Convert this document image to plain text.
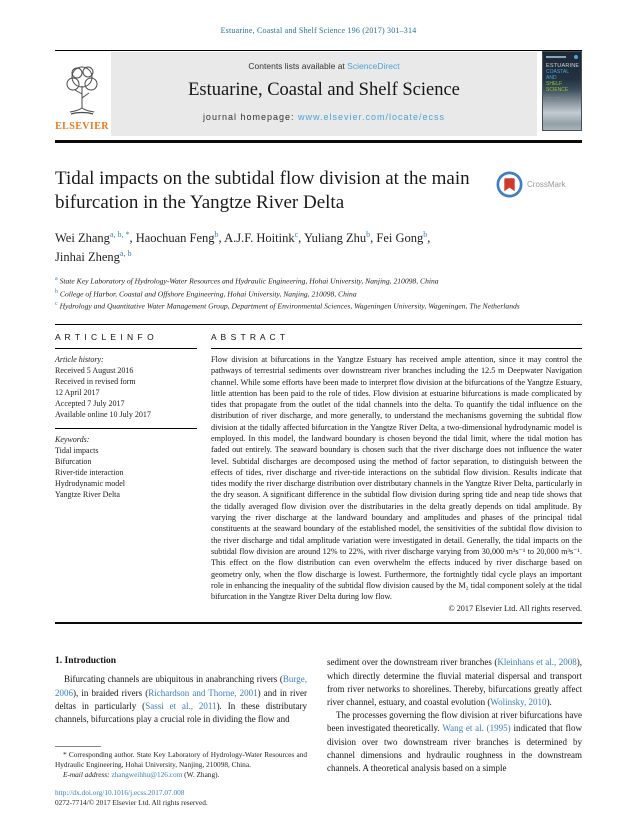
Estuarine, Coastal and Shelf Science 196 (2017) 301–314
ELSEVIER
Contents lists available at ScienceDirect
Estuarine, Coastal and Shelf Science
journal homepage: www.elsevier.com/locate/ecss
ESTUARINE
COASTAL AND
SHELF SCIENCE
—— · ——
Tidal impacts on the subtidal flow division at the main bifurcation in the Yangtze River Delta
CrossMark
Wei Zhang$^{a, b, *}$, Haochuan Feng$^b$, A.J.F. Hoitink$^c$, Yuliang Zhu$^b$, Fei Gong$^b$,
Jinhai Zheng$^{a, b}$
$^a$ State Key Laboratory of Hydrology-Water Resources and Hydraulic Engineering, Hohai University, Nanjing, 210098, China
$^b$ College of Harbor, Coastal and Offshore Engineering, Hohai University, Nanjing, 210098, China
$^c$ Hydrology and Quantitative Water Management Group, Department of Environmental Sciences, Wageningen University, Wageningen, The Netherlands
A R T I C L E I N F O
Article history:
Received 5 August 2016
Received in revised form
12 April 2017
Accepted 7 July 2017
Available online 10 July 2017
Keywords:
Tidal impacts
Bifurcation
River-tide interaction
Hydrodynamic model
Yangtze River Delta
A B S T R A C T
Flow division at bifurcations in the Yangtze Estuary has received ample attention, since it may control the pathways of terrestrial sediments over downstream river branches including the 12.5 m Deepwater Navigation channel. While some efforts have been made to interpret flow division at the bifurcations of the Yangtze Estuary, little attention has been paid to the role of tides. Flow division at estuarine bifurcations is made complicated by tides that propagate from the outlet of the tidal channels into the delta. To quantify the tidal influence on the distribution of river discharge, and more generally, to understand the mechanisms governing the subtidal flow division at the tidally affected bifurcation in the Yangtze River Delta, a two-dimensional hydrodynamic model is employed. In this model, the landward boundary is chosen beyond the tidal limit, where the tidal motion has faded out entirely. The seaward boundary is chosen such that the river discharge does not influence the water level. Subtidal discharges are decomposed using the method of factor separation, to distinguish between the effects of tides, river discharge and river-tide interactions on the subtidal flow division. Results indicate that tides modify the river discharge distribution over distributary channels in the Yangtze River Delta, particularly in the dry season. A significant difference in the subtidal flow division during spring tide and neap tide shows that the tidally averaged flow division over the distributaries in the delta greatly depends on tidal amplitude. By varying the river discharge at the landward boundary and amplitudes and phases of the principal tidal constituents at the seaward boundary of the established model, the sensitivities of the subtidal flow division to the river discharge and tidal amplitude variation were investigated in detail. Generally, the tidal impacts on the subtidal flow division are around 12% to 22%, with river discharge varying from 30,000 m³s⁻¹ to 20,000 m³s⁻¹. This effect on the flow distribution can even overwhelm the effects induced by river discharge based on geometry only, when the flow discharge is lowest. Furthermore, the fortnightly tidal cycle plays an important role in enhancing the inequality of the subtidal flow division caused by the M₂ tidal component solely at the tidal bifurcation in the Yangtze River Delta during low flow.
© 2017 Elsevier Ltd. All rights reserved.
1. Introduction

Bifurcating channels are ubiquitous in anabranching rivers (Burge, 2006), in braided rivers (Richardson and Thorne, 2001) and in river deltas in particularly (Sassi et al., 2011). In these distributary channels, bifurcations play a crucial role in dividing the flow and

* Corresponding author. State Key Laboratory of Hydrology-Water Resources and Hydraulic Engineering, Hohai University, Nanjing, 210098, China.
E-mail address: zhangweihhu@126.com (W. Zhang).
http://dx.doi.org/10.1016/j.ecss.2017.07.008
0272-7714/© 2017 Elsevier Ltd. All rights reserved.

sediment over the downstream river branches (Kleinhans et al., 2008), which directly determine the fluvial material dispersal and transport from river networks to shorelines. Thereby, bifurcations greatly affect river channel, estuary, and coastal evolution (Wolinsky, 2010).

The processes governing the flow division at river bifurcations have been investigated theoretically. Wang et al. (1995) indicated that flow division over two downstream river branches is determined by channel dimensions and hydraulic roughness in the downstream channels. A theoretical analysis based on a simple
